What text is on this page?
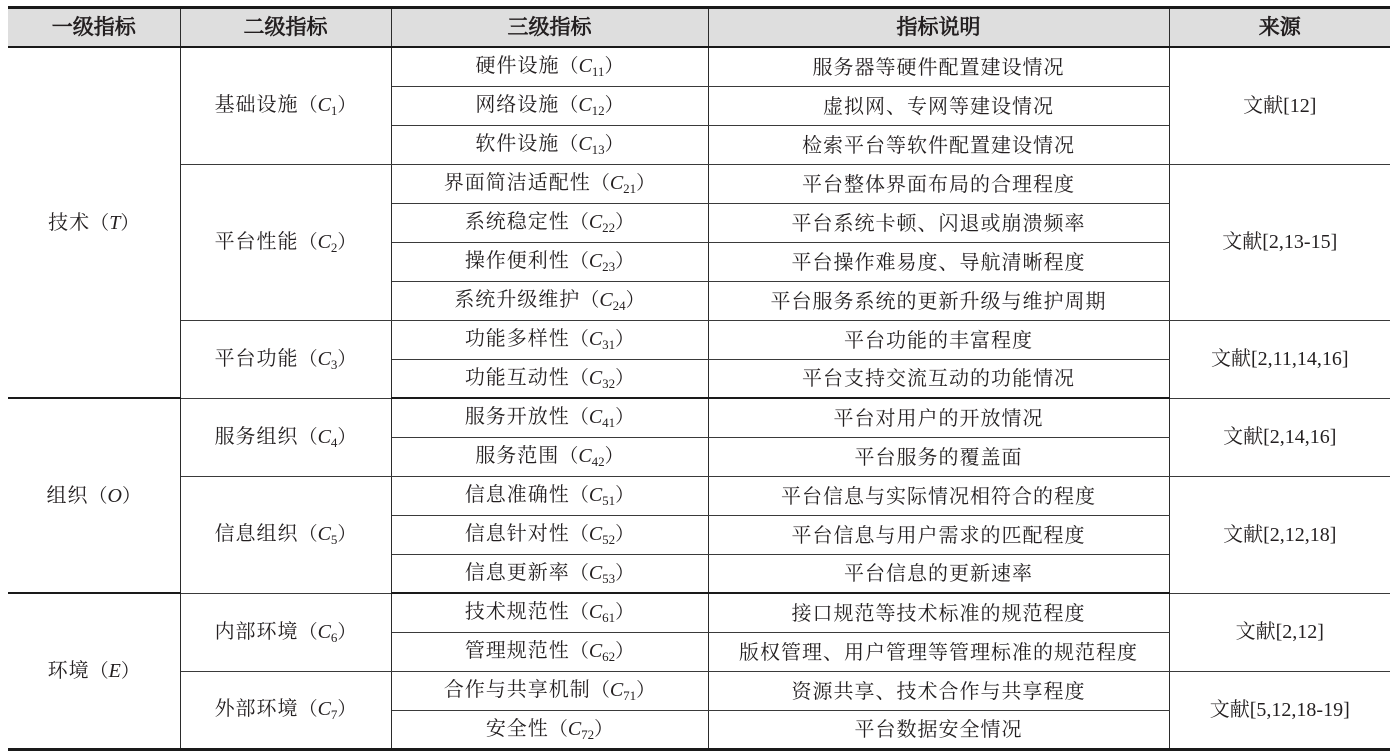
一级指标	二级指标	三级指标	指标说明	来源
技术（T）	基础设施$(C_1)$	硬件设施$(C_{11})$	服务器等硬件配置建设情况	文献[12]
		网络设施$(C_{12})$	虚拟网、专网等建设情况	
		软件设施$(C_{13})$	检索平台等软件配置建设情况	
	平台性能$(C_2)$	界面简洁适配性$(C_{21})$	平台整体界面布局的合理程度	文献[2,13-15]
		系统稳定性$(C_{22})$	平台系统卡顿、闪退或崩溃频率	
		操作便利性$(C_{23})$	平台操作难易度、导航清晰程度	
		系统升级维护$(C_{24})$	平台服务系统的更新升级与维护周期	
	平台功能$(C_3)$	功能多样性$(C_{31})$	平台功能的丰富程度	文献[2,11,14,16]
		功能互动性$(C_{32})$	平台支持交流互动的功能情况	
组织（O）	服务组织$(C_4)$	服务开放性$(C_{41})$	平台对用户的开放情况	文献[2,14,16]
		服务范围$(C_{42})$	平台服务的覆盖面	
	信息组织$(C_5)$	信息准确性$(C_{51})$	平台信息与实际情况相符合的程度	文献[2,12,18]
		信息针对性$(C_{52})$	平台信息与用户需求的匹配程度	
		信息更新率$(C_{53})$	平台信息的更新速率	
环境（E）	内部环境$(C_6)$	技术规范性$(C_{61})$	接口规范等技术标准的规范程度	文献[2,12]
		管理规范性$(C_{62})$	版权管理、用户管理等管理标准的规范程度	
	外部环境$(C_7)$	合作与共享机制$(C_{71})$	资源共享、技术合作与共享程度	文献[5,12,18-19]
		安全性$(C_{72})$	平台数据安全情况	
